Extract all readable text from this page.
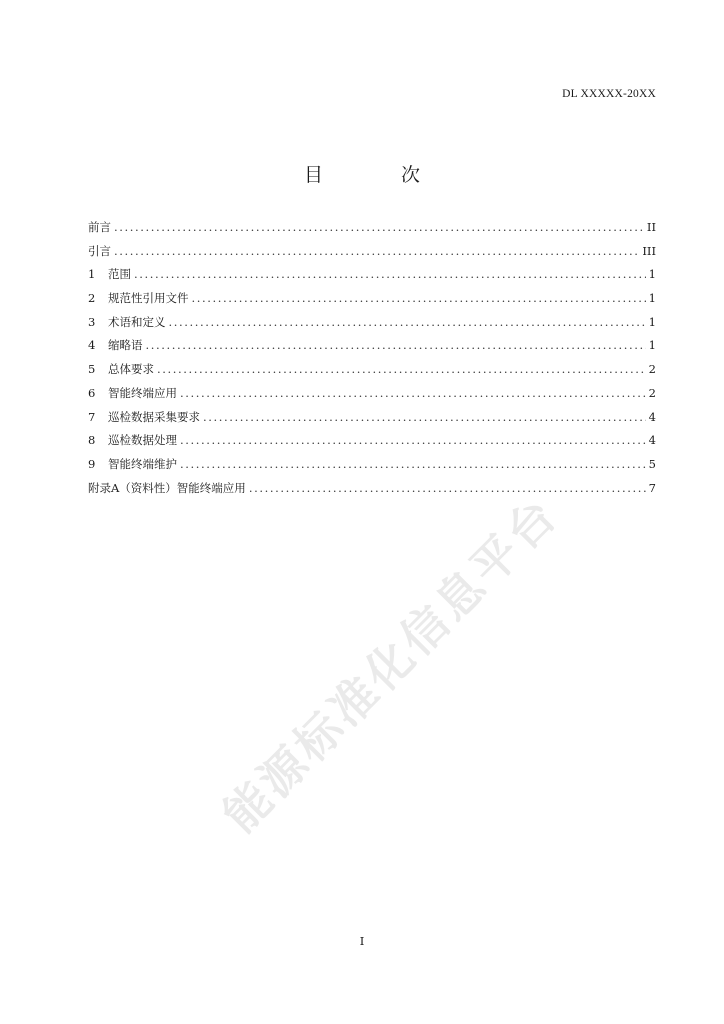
DL XXXXX-20XX
目 次
前言 .....	II
引言 .....	III
1	范围 .....	1
2	规范性引用文件 .....	1
3	术语和定义 .....	1
4	缩略语 .....	1
5	总体要求 .....	2
6	智能终端应用 .....	2
7	巡检数据采集要求 .....	4
8	巡检数据处理 .....	4
9	智能终端维护 .....	5
附录A（资料性）智能终端应用 .....	7
能源标准化信息平台
I
